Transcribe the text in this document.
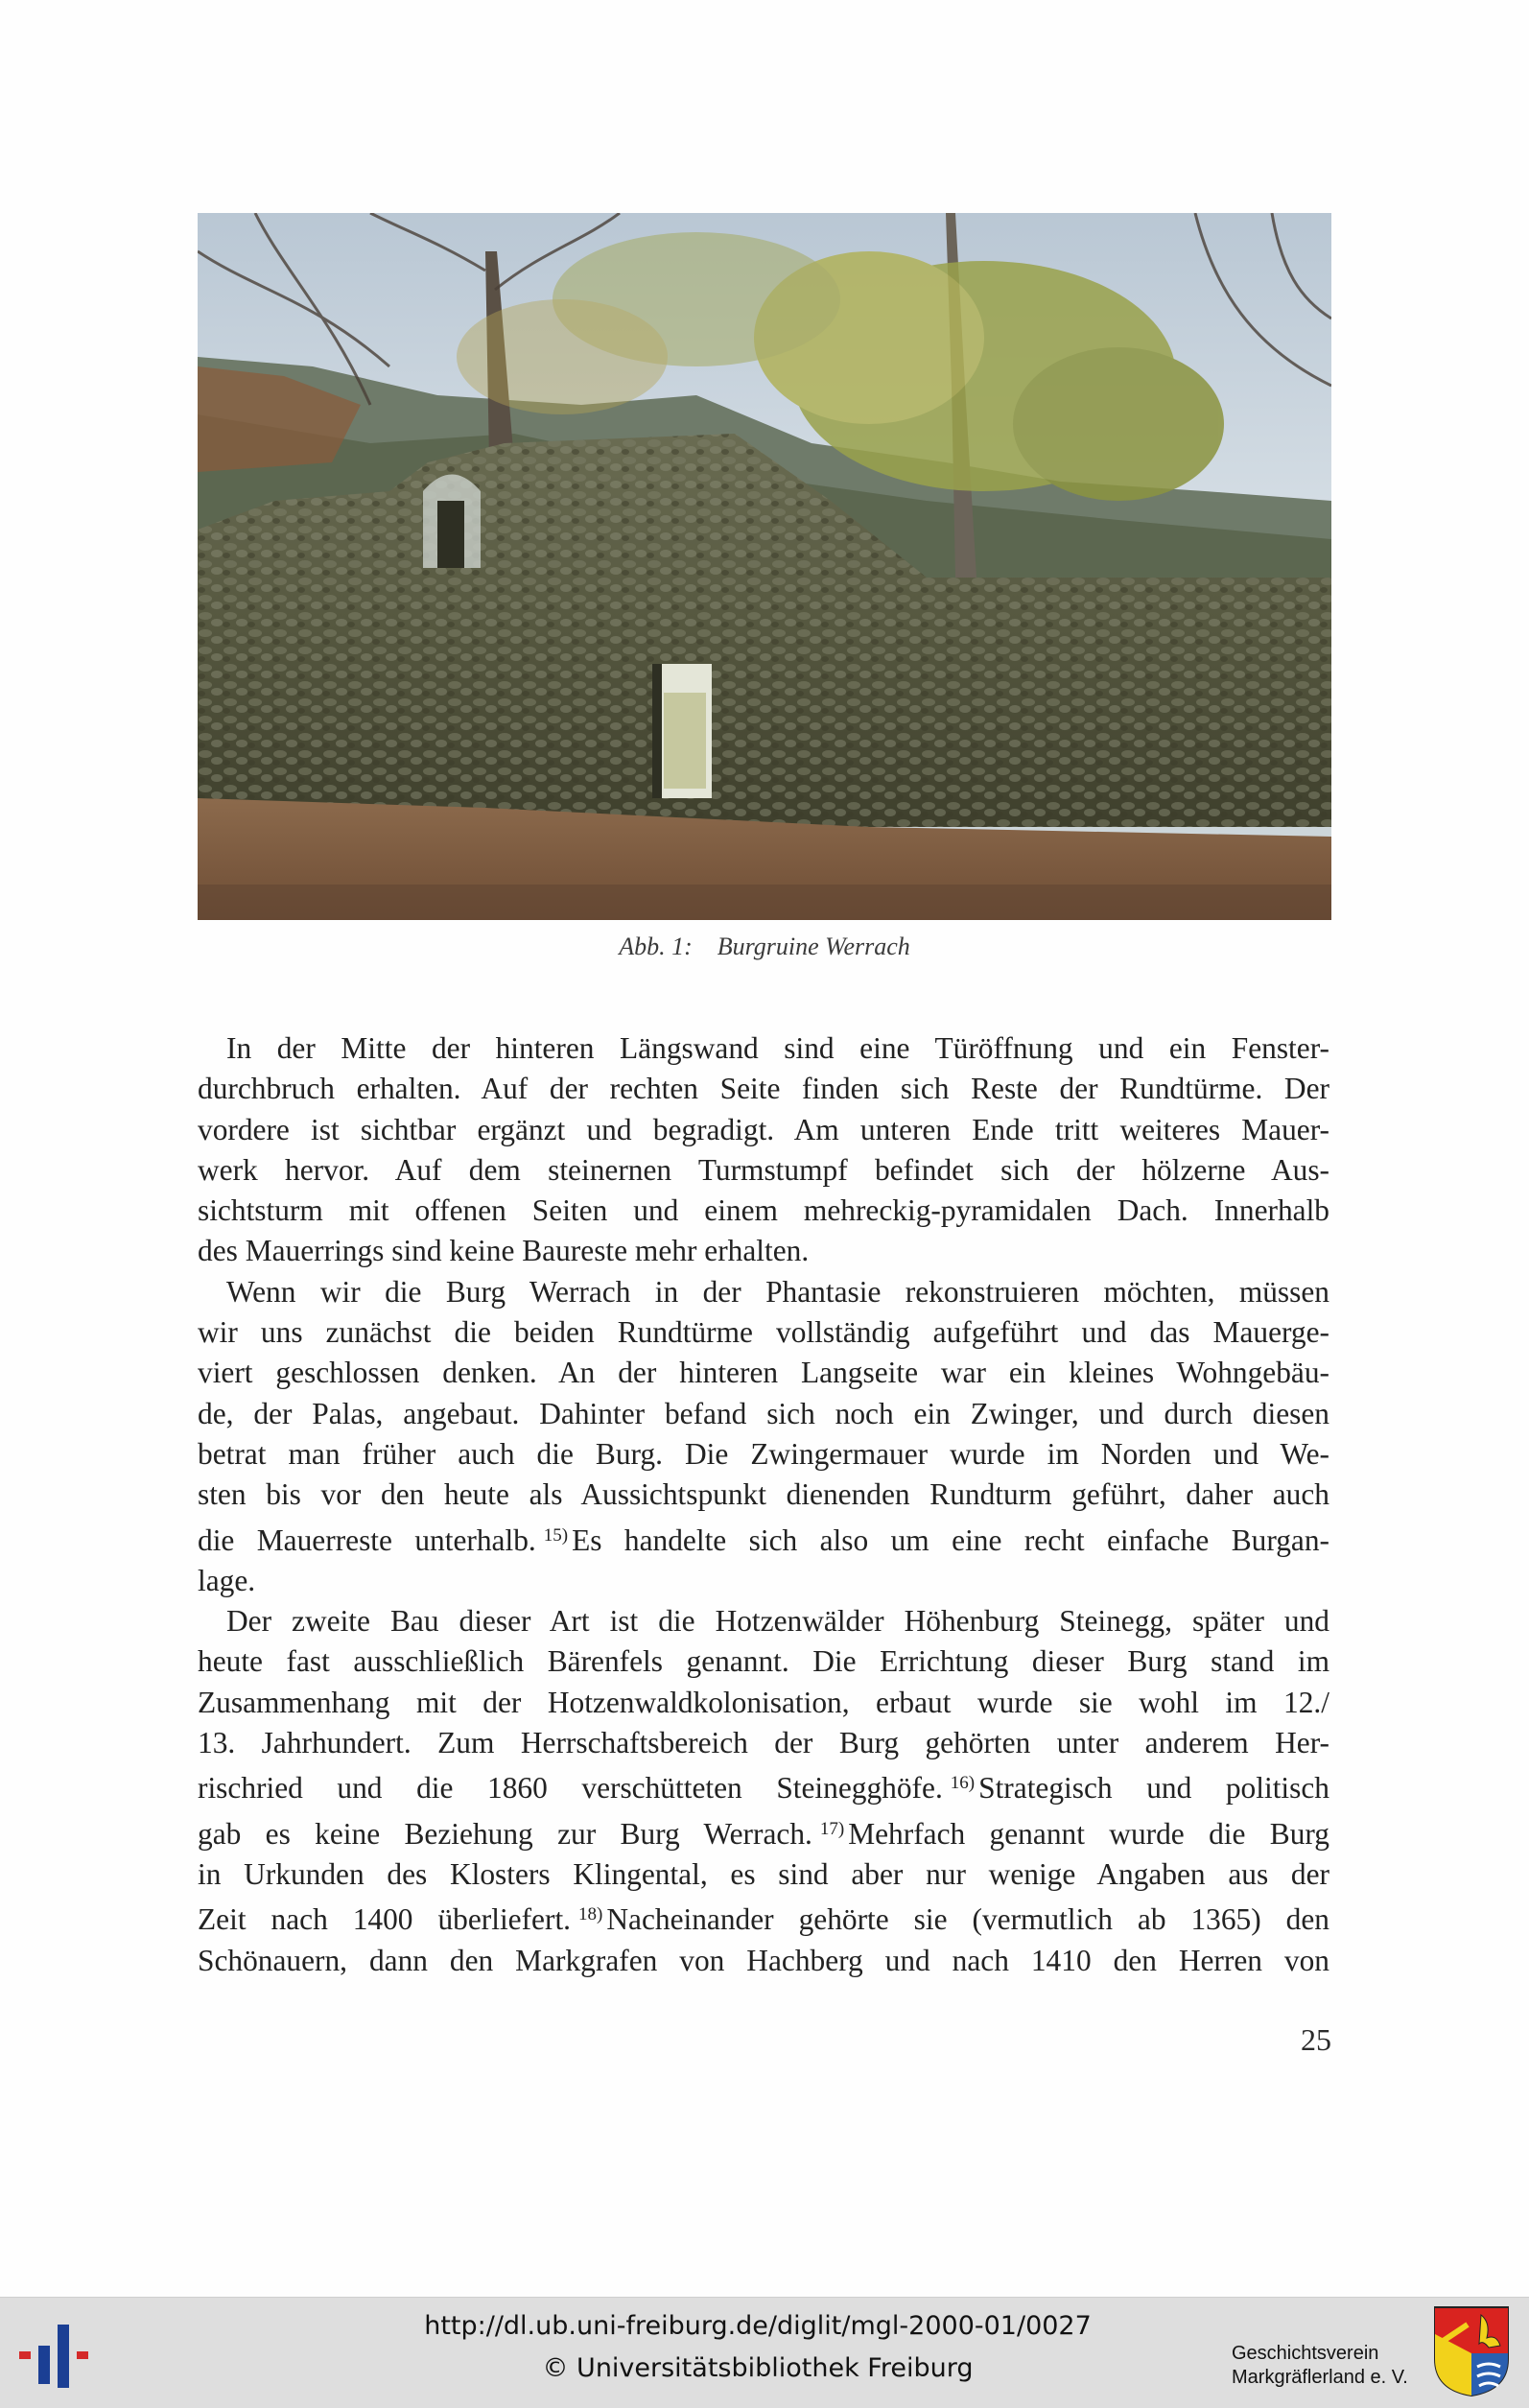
Abb. 1: Burgruine Werrach
In der Mitte der hinteren Längswand sind eine Türöffnung und ein Fenster-
durchbruch erhalten. Auf der rechten Seite finden sich Reste der Rundtürme. Der
vordere ist sichtbar ergänzt und begradigt. Am unteren Ende tritt weiteres Mauer-
werk hervor. Auf dem steinernen Turmstumpf befindet sich der hölzerne Aus-
sichtsturm mit offenen Seiten und einem mehreckig-pyramidalen Dach. Innerhalb
des Mauerrings sind keine Baureste mehr erhalten.
Wenn wir die Burg Werrach in der Phantasie rekonstruieren möchten, müssen
wir uns zunächst die beiden Rundtürme vollständig aufgeführt und das Mauerge-
viert geschlossen denken. An der hinteren Langseite war ein kleines Wohngebäu-
de, der Palas, angebaut. Dahinter befand sich noch ein Zwinger, und durch diesen
betrat man früher auch die Burg. Die Zwingermauer wurde im Norden und We-
sten bis vor den heute als Aussichtspunkt dienenden Rundturm geführt, daher auch
die Mauerreste unterhalb. $^{15)}$ Es handelte sich also um eine recht einfache Burgan-
lage.
Der zweite Bau dieser Art ist die Hotzenwälder Höhenburg Steinegg, später und
heute fast ausschließlich Bärenfels genannt. Die Errichtung dieser Burg stand im
Zusammenhang mit der Hotzenwaldkolonisation, erbaut wurde sie wohl im 12./
13. Jahrhundert. Zum Herrschaftsbereich der Burg gehörten unter anderem Her-
rischried und die 1860 verschütteten Steinegghöfe. $^{16)}$ Strategisch und politisch
gab es keine Beziehung zur Burg Werrach. $^{17)}$ Mehrfach genannt wurde die Burg
in Urkunden des Klosters Klingental, es sind aber nur wenige Angaben aus der
Zeit nach 1400 überliefert. $^{18)}$ Nacheinander gehörte sie (vermutlich ab 1365) den
Schönauern, dann den Markgrafen von Hachberg und nach 1410 den Herren von
25
http://dl.ub.uni-freiburg.de/diglit/mgl-2000-01/0027
© Universitätsbibliothek Freiburg	Geschichtsverein
Markgräflerland e. V.
